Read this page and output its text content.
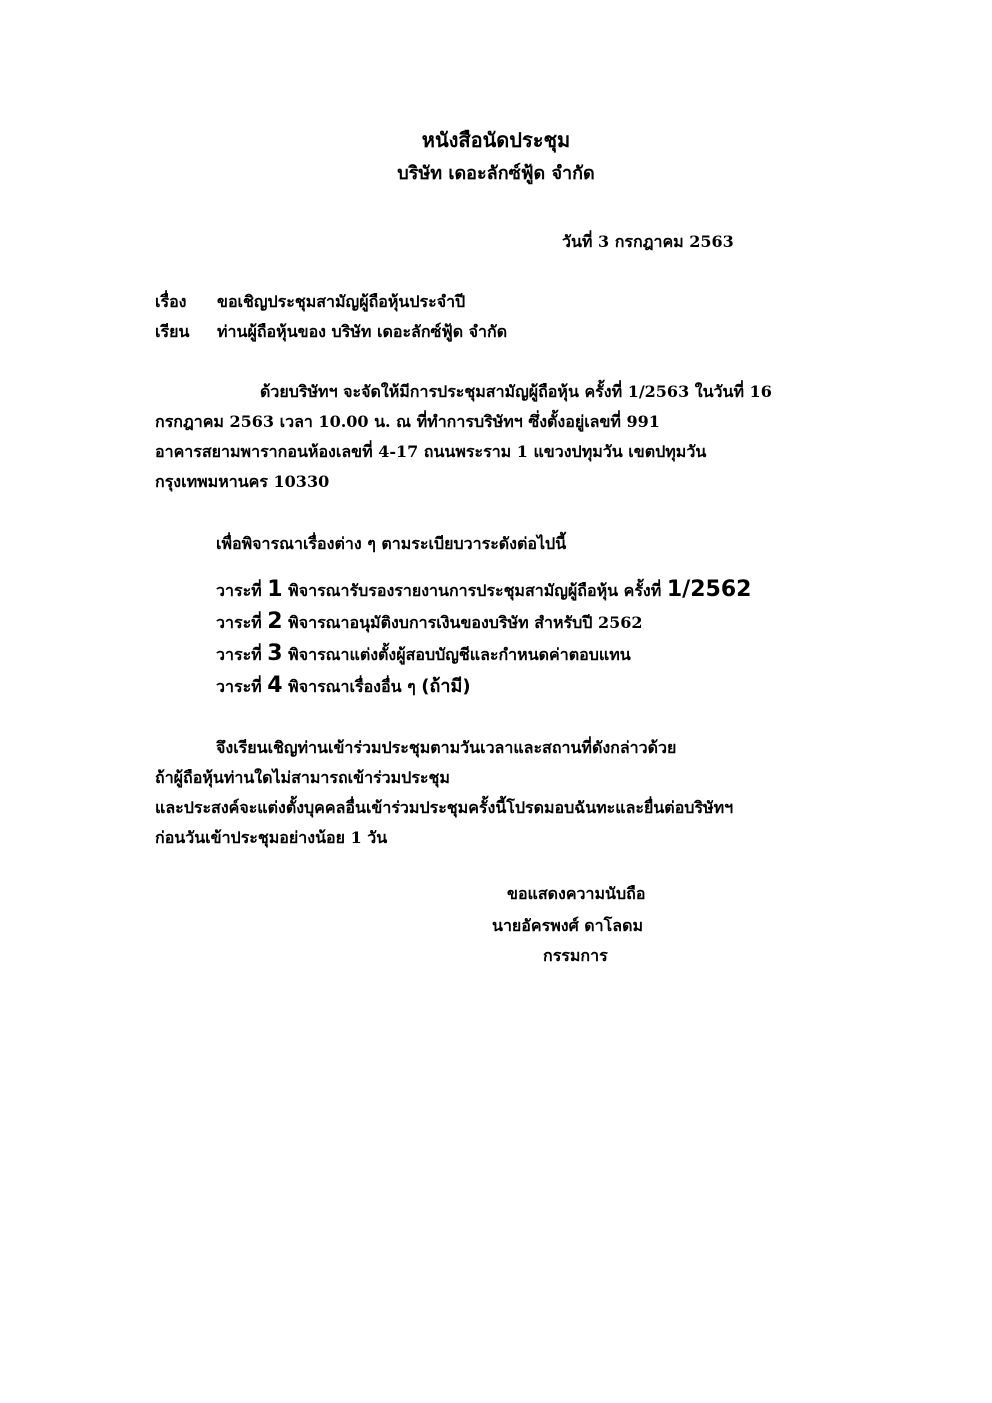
หนังสือนัดประชุม
บริษัท เดอะลักซ์ฟู้ด จำกัด
วันที่ 3 กรกฎาคม 2563
เรื่อง ขอเชิญประชุมสามัญผู้ถือหุ้นประจำปี
เรียน ท่านผู้ถือหุ้นของ บริษัท เดอะลักซ์ฟู้ด จำกัด
ด้วยบริษัทฯ จะจัดให้มีการประชุมสามัญผู้ถือหุ้น ครั้งที่ 1/2563 ในวันที่ 16
กรกฎาคม 2563 เวลา 10.00 น. ณ ที่ทำการบริษัทฯ ซึ่งตั้งอยู่เลขที่ 991
อาคารสยามพารากอนห้องเลขที่ 4-17 ถนนพระราม 1 แขวงปทุมวัน เขตปทุมวัน
กรุงเทพมหานคร 10330
เพื่อพิจารณาเรื่องต่าง ๆ ตามระเบียบวาระดังต่อไปนี้
วาระที่ 1 พิจารณารับรองรายงานการประชุมสามัญผู้ถือหุ้น ครั้งที่ 1/2562
วาระที่ 2 พิจารณาอนุมัติงบการเงินของบริษัท สำหรับปี 2562
วาระที่ 3 พิจารณาแต่งตั้งผู้สอบบัญชีและกำหนดค่าตอบแทน
วาระที่ 4 พิจารณาเรื่องอื่น ๆ (ถ้ามี)
จึงเรียนเชิญท่านเข้าร่วมประชุมตามวันเวลาและสถานที่ดังกล่าวด้วย
ถ้าผู้ถือหุ้นท่านใดไม่สามารถเข้าร่วมประชุม
และประสงค์จะแต่งตั้งบุคคลอื่นเข้าร่วมประชุมครั้งนี้โปรดมอบฉันทะและยื่นต่อบริษัทฯ
ก่อนวันเข้าประชุมอย่างน้อย 1 วัน
ขอแสดงความนับถือ
นายอัครพงศ์ ดาโลดม
กรรมการ
